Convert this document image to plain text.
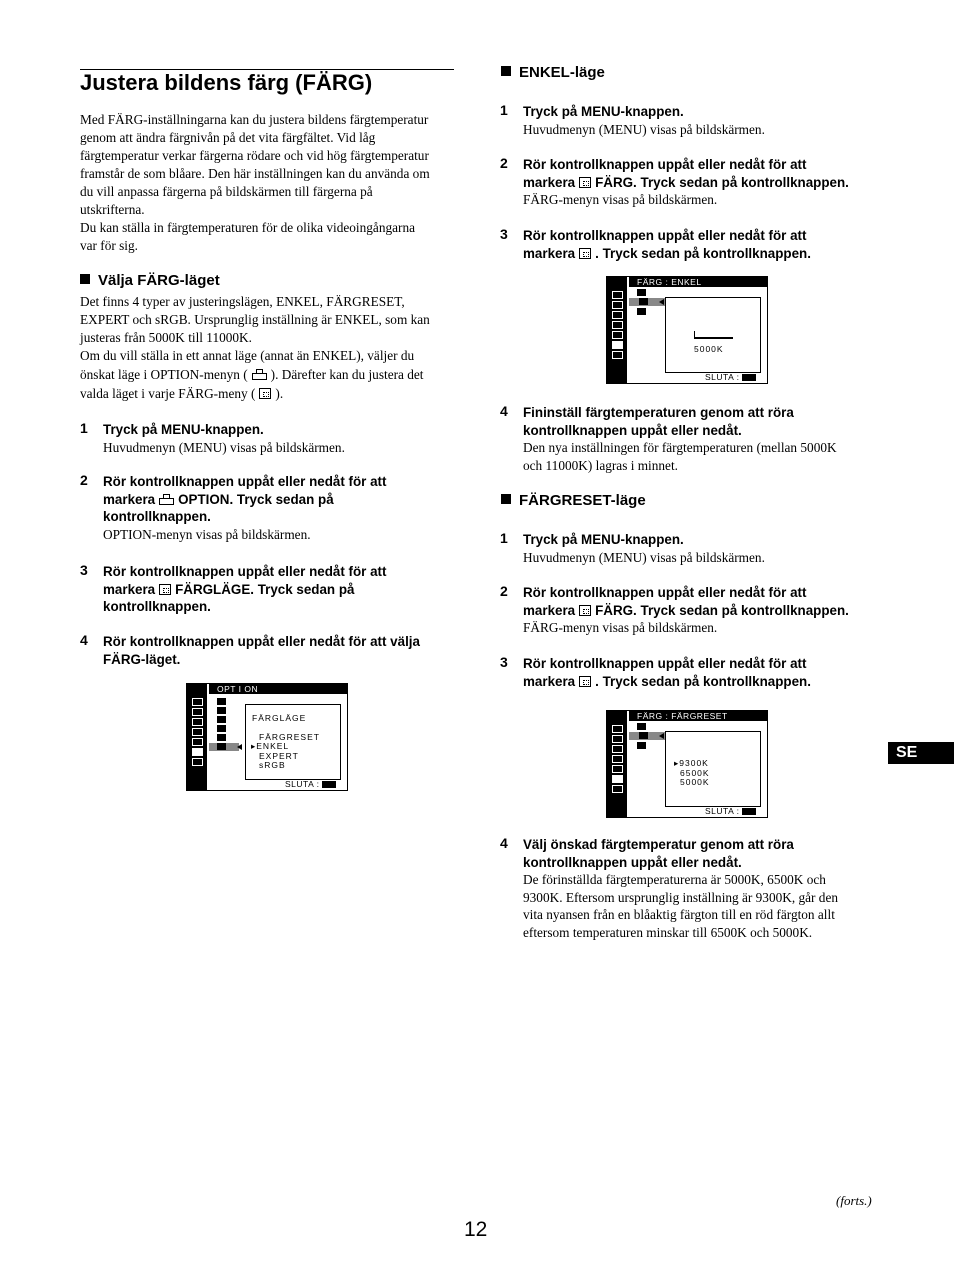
Justera bildens färg (FÄRG)
Med FÄRG-inställningarna kan du justera bildens färgtemperatur
genom att ändra färgnivån på det vita färgfältet. Vid låg
färgtemperatur verkar färgerna rödare och vid hög färgtemperatur
framstår de som blåare. Den här inställningen kan du använda om
du vill anpassa färgerna på bildskärmen till färgerna på
utskrifterna.
Du kan ställa in färgtemperaturen för de olika videoingångarna
var för sig.
Välja FÄRG-läget
Det finns 4 typer av justeringslägen, ENKEL, FÄRGRESET,
EXPERT och sRGB. Ursprunglig inställning är ENKEL, som kan
justeras från 5000K till 11000K.
Om du vill ställa in ett annat läge (annat än ENKEL), väljer du
önskat läge i OPTION-menyn ( ). Därefter kan du justera det
valda läget i varje FÄRG-meny ( ).
1 Tryck på MENU-knappen.
Huvudmenyn (MENU) visas på bildskärmen.
2 Rör kontrollknappen uppåt eller nedåt för att
markera OPTION. Tryck sedan på
kontrollknappen.
OPTION-menyn visas på bildskärmen.
3 Rör kontrollknappen uppåt eller nedåt för att
markera FÄRGLÄGE. Tryck sedan på
kontrollknappen.
4 Rör kontrollknappen uppåt eller nedåt för att välja
FÄRG-läget.
OPT I ON
FÄRGLÄGE
FÄRGRESET
▸ENKEL
EXPERT
sRGB
SLUTA :
ENKEL-läge
1 Tryck på MENU-knappen.
Huvudmenyn (MENU) visas på bildskärmen.
2 Rör kontrollknappen uppåt eller nedåt för att
markera FÄRG. Tryck sedan på kontrollknappen.
FÄRG-menyn visas på bildskärmen.
3 Rör kontrollknappen uppåt eller nedåt för att
markera . Tryck sedan på kontrollknappen.
FÄRG : ENKEL
5000K
SLUTA :
4 Fininställ färgtemperaturen genom att röra
kontrollknappen uppåt eller nedåt.
Den nya inställningen för färgtemperaturen (mellan 5000K
och 11000K) lagras i minnet.
FÄRGRESET-läge
1 Tryck på MENU-knappen.
Huvudmenyn (MENU) visas på bildskärmen.
2 Rör kontrollknappen uppåt eller nedåt för att
markera FÄRG. Tryck sedan på kontrollknappen.
FÄRG-menyn visas på bildskärmen.
3 Rör kontrollknappen uppåt eller nedåt för att
markera . Tryck sedan på kontrollknappen.
FÄRG : FÄRGRESET
▸9300K
6500K
5000K
SLUTA :
4 Välj önskad färgtemperatur genom att röra
kontrollknappen uppåt eller nedåt.
De förinställda färgtemperaturerna är 5000K, 6500K och
9300K. Eftersom ursprunglig inställning är 9300K, går den
vita nyansen från en blåaktig färgton till en röd färgton allt
eftersom temperaturen minskar till 6500K och 5000K.
SE
(forts.)
12
